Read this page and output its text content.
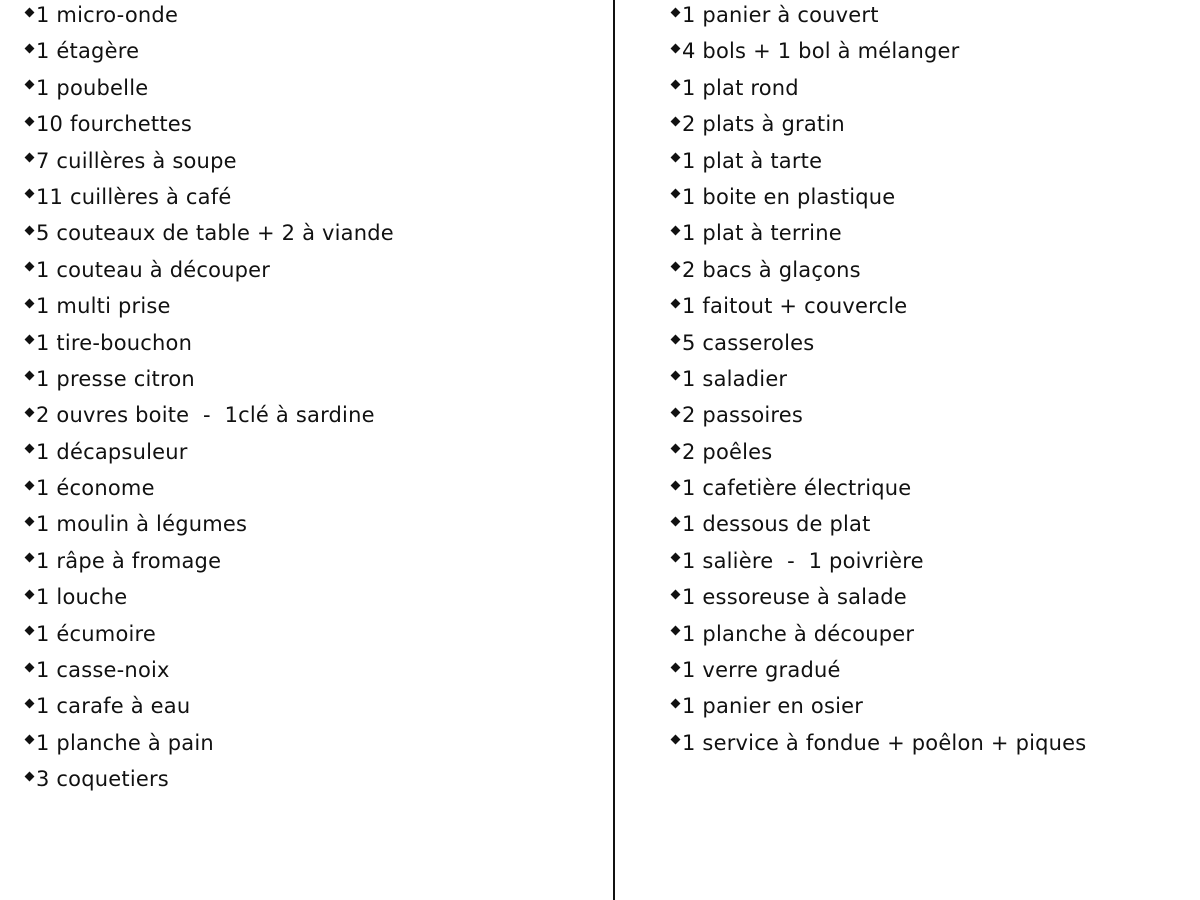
1 micro-onde
1 étagère
1 poubelle
10 fourchettes
7 cuillères à soupe
11 cuillères à café
5 couteaux de table + 2 à viande
1 couteau à découper
1 multi prise
1 tire-bouchon
1 presse citron
2 ouvres boite  -  1clé à sardine
1 décapsuleur
1 économe
1 moulin à légumes
1 râpe à fromage
1 louche
1 écumoire
1 casse-noix
1 carafe à eau
1 planche à pain
3 coquetiers
1 panier à couvert
4 bols + 1 bol à mélanger
1 plat rond
2 plats à gratin
1 plat à tarte
1 boite en plastique
1 plat à terrine
2 bacs à glaçons
1 faitout + couvercle
5 casseroles
1 saladier
2 passoires
2 poêles
1 cafetière électrique
1 dessous de plat
1 salière  -  1 poivrière
1 essoreuse à salade
1 planche à découper
1 verre gradué
1 panier en osier
1 service à fondue + poêlon + piques
